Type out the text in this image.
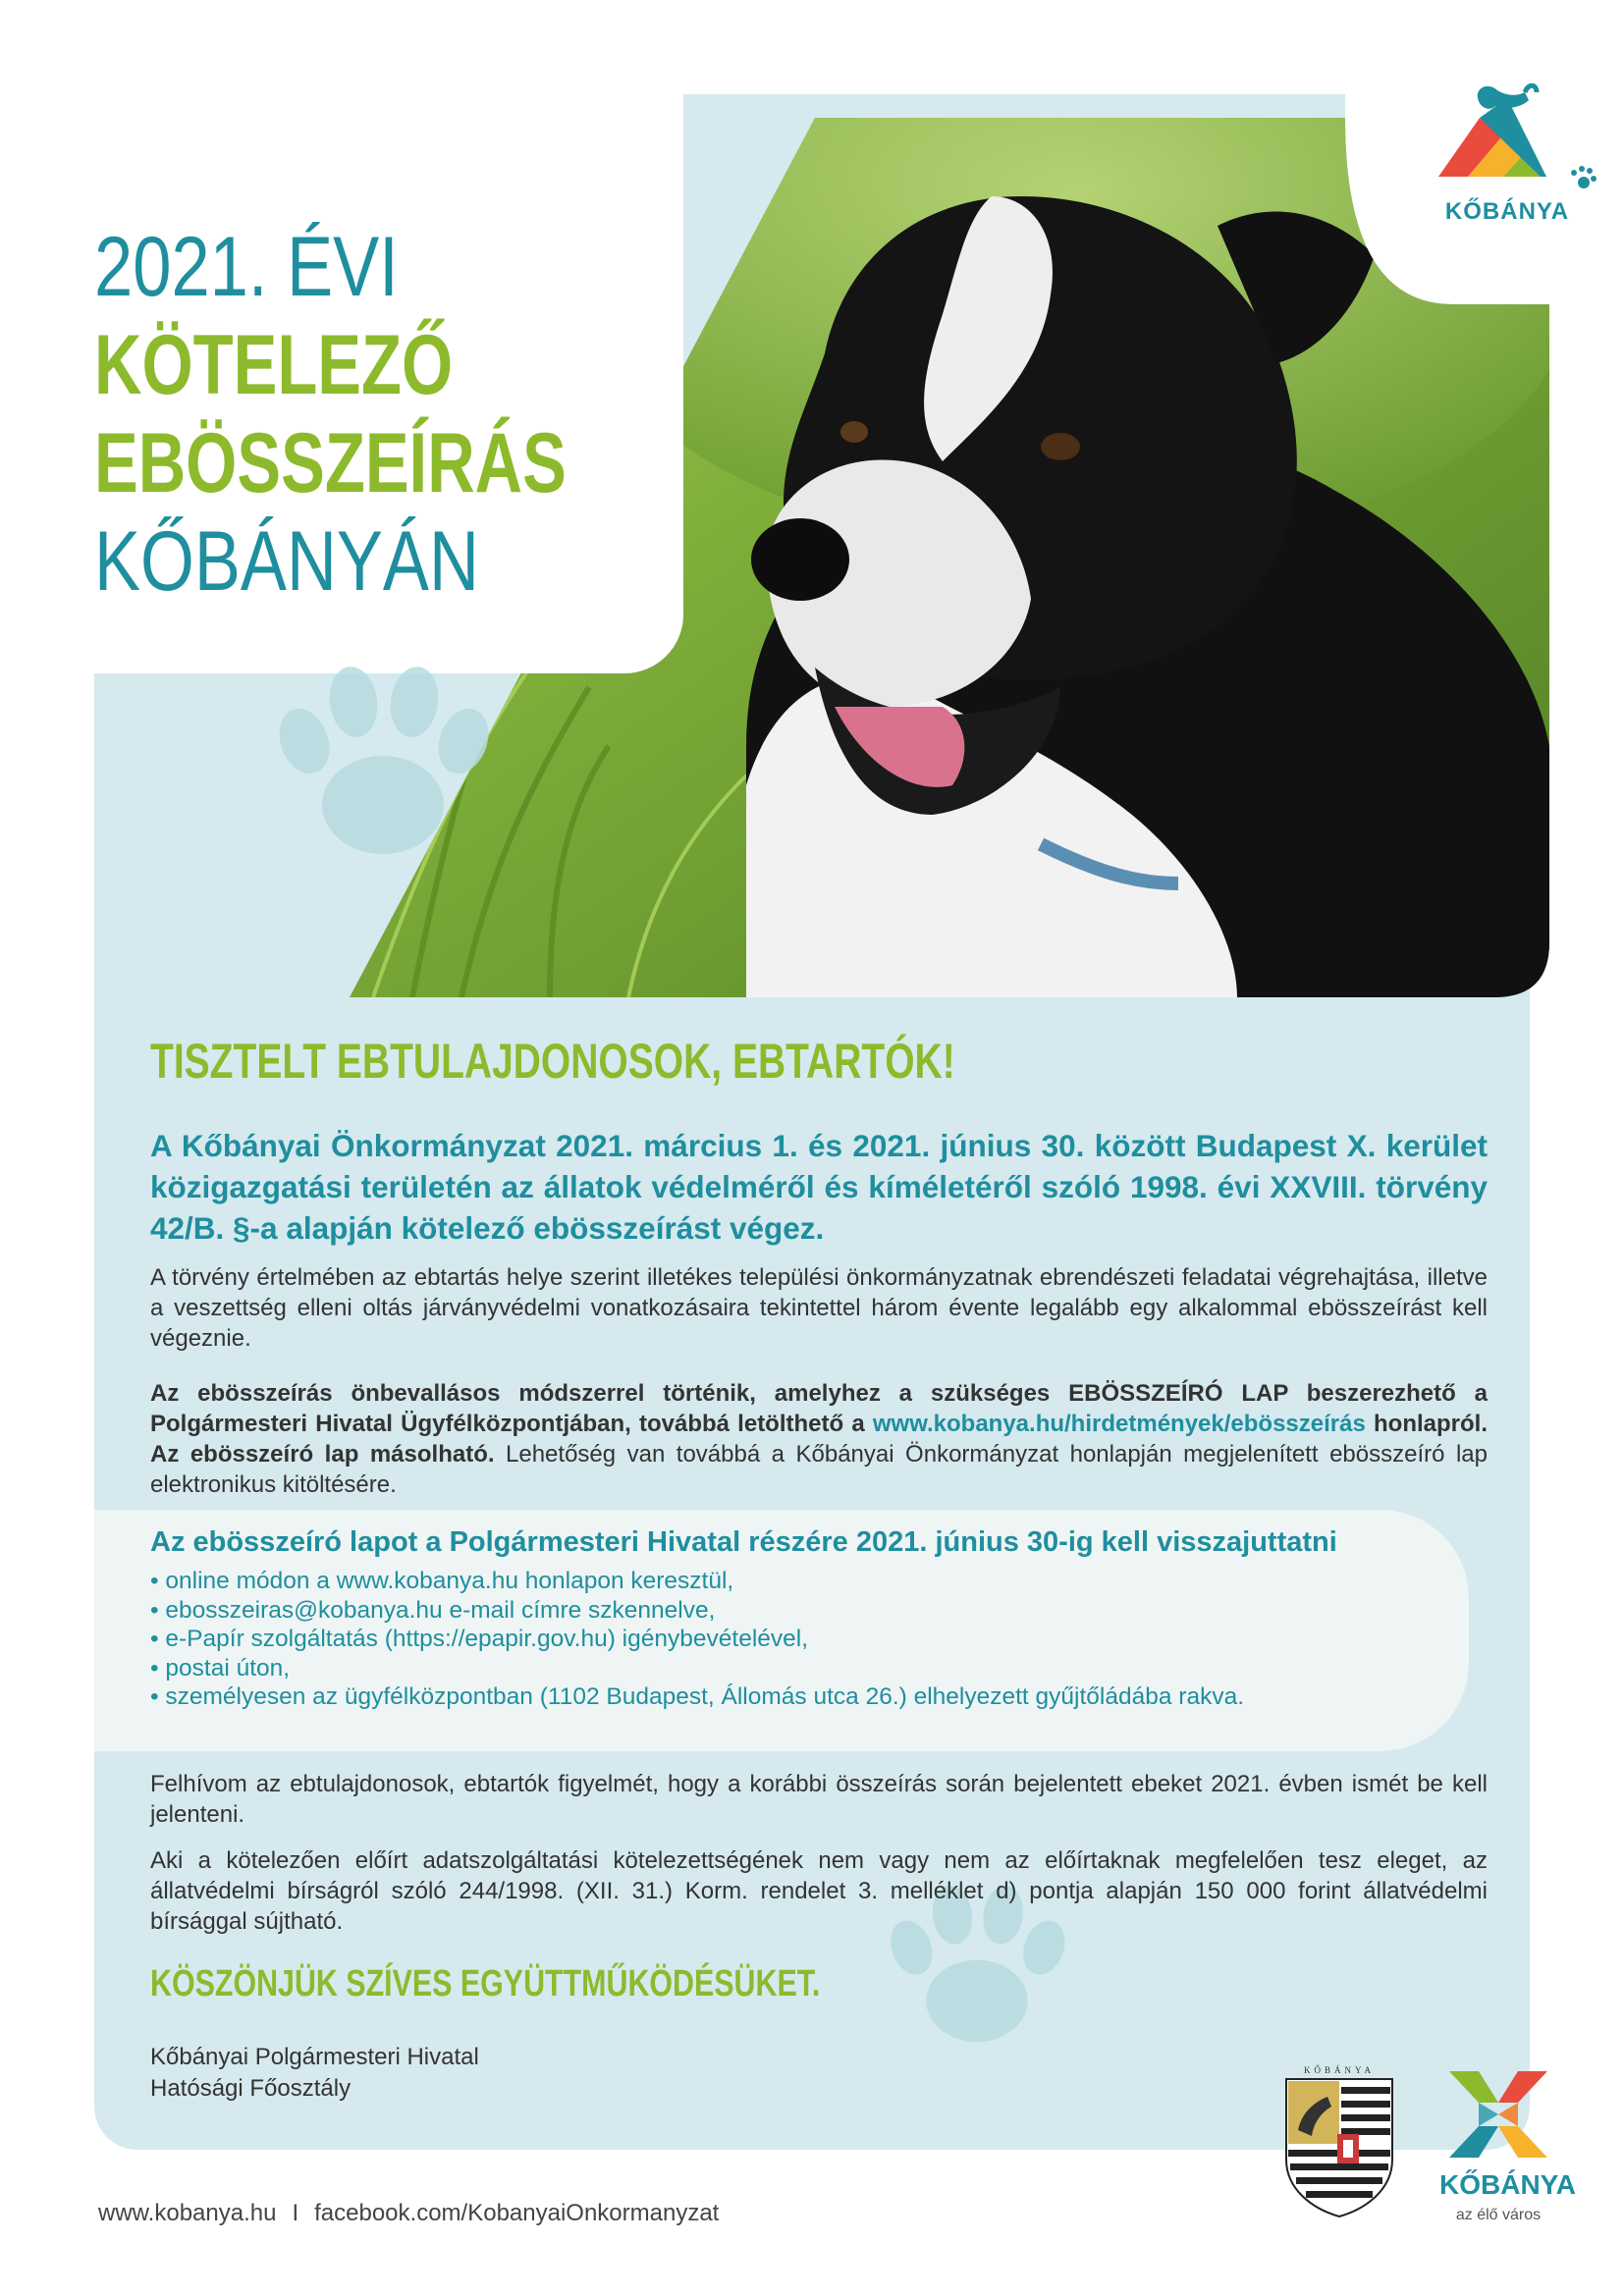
2021. ÉVI
KÖTELEZŐ
EBÖSSZEÍRÁS
KŐBÁNYÁN
KŐBÁNYA
TISZTELT EBTULAJDONOSOK, EBTARTÓK!

A Kőbányai Önkormányzat 2021. március 1. és 2021. június 30. között Budapest X. kerület közigazgatási területén az állatok védelméről és kíméletéről szóló 1998. évi XXVIII. törvény 42/B. §-a alapján kötelező ebösszeírást végez.

A törvény értelmében az ebtartás helye szerint illetékes települési önkormányzatnak ebrendészeti feladatai végrehajtása, illetve a veszettség elleni oltás járványvédelmi vonatkozásaira tekintettel három évente legalább egy alkalommal ebösszeírást kell végeznie.

Az ebösszeírás önbevallásos módszerrel történik, amelyhez a szükséges EBÖSSZEÍRÓ LAP beszerezhető a Polgármesteri Hivatal Ügyfélközpontjában, továbbá letölthető a www.kobanya.hu/hirdetmények/ebösszeírás honlapról. Az ebösszeíró lap másolható. Lehetőség van továbbá a Kőbányai Önkormányzat honlapján megjelenített ebösszeíró lap elektronikus kitöltésére.

Az ebösszeíró lapot a Polgármesteri Hivatal részére 2021. június 30-ig kell visszajuttatni
• online módon a www.kobanya.hu honlapon keresztül,
• ebosszeiras@kobanya.hu e-mail címre szkennelve,
• e-Papír szolgáltatás (https://epapir.gov.hu) igénybevételével,
• postai úton,
• személyesen az ügyfélközpontban (1102 Budapest, Állomás utca 26.) elhelyezett gyűjtőládába rakva.

Felhívom az ebtulajdonosok, ebtartók figyelmét, hogy a korábbi összeírás során bejelentett ebeket 2021. évben ismét be kell jelenteni.

Aki a kötelezően előírt adatszolgáltatási kötelezettségének nem vagy nem az előírtaknak megfelelően tesz eleget, az állatvédelmi bírságról szóló 244/1998. (XII. 31.) Korm. rendelet 3. melléklet d) pontja alapján 150 000 forint állatvédelmi bírsággal sújtható.

KÖSZÖNJÜK SZÍVES EGYÜTTMŰKÖDÉSÜKET.

Kőbányai Polgármesteri Hivatal
Hatósági Főosztály

www.kobanya.hu I facebook.com/KobanyaiOnkormanyzat
KŐBÁNYA
KŐBÁNYA
az élő város
